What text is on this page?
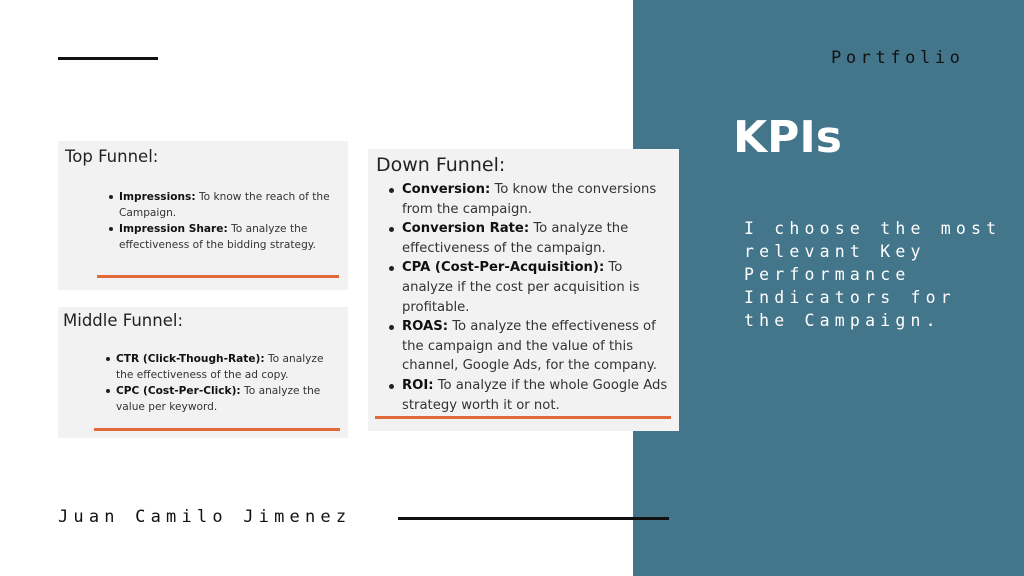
Portfolio
KPIs

I choose the most relevant Key Performance Indicators for the Campaign.

Top Funnel:
Impressions: To know the reach of the Campaign.
Impression Share: To analyze the effectiveness of the bidding strategy.
Middle Funnel:
CTR (Click-Though-Rate): To analyze the effectiveness of the ad copy.
CPC (Cost-Per-Click): To analyze the value per keyword.
Down Funnel:
Conversion: To know the conversions from the campaign.
Conversion Rate: To analyze the effectiveness of the campaign.
CPA (Cost-Per-Acquisition): To analyze if the cost per acquisition is profitable.
ROAS: To analyze the effectiveness of the campaign and the value of this channel, Google Ads, for the company.
ROI: To analyze if the whole Google Ads strategy worth it or not.
Juan Camilo Jimenez
